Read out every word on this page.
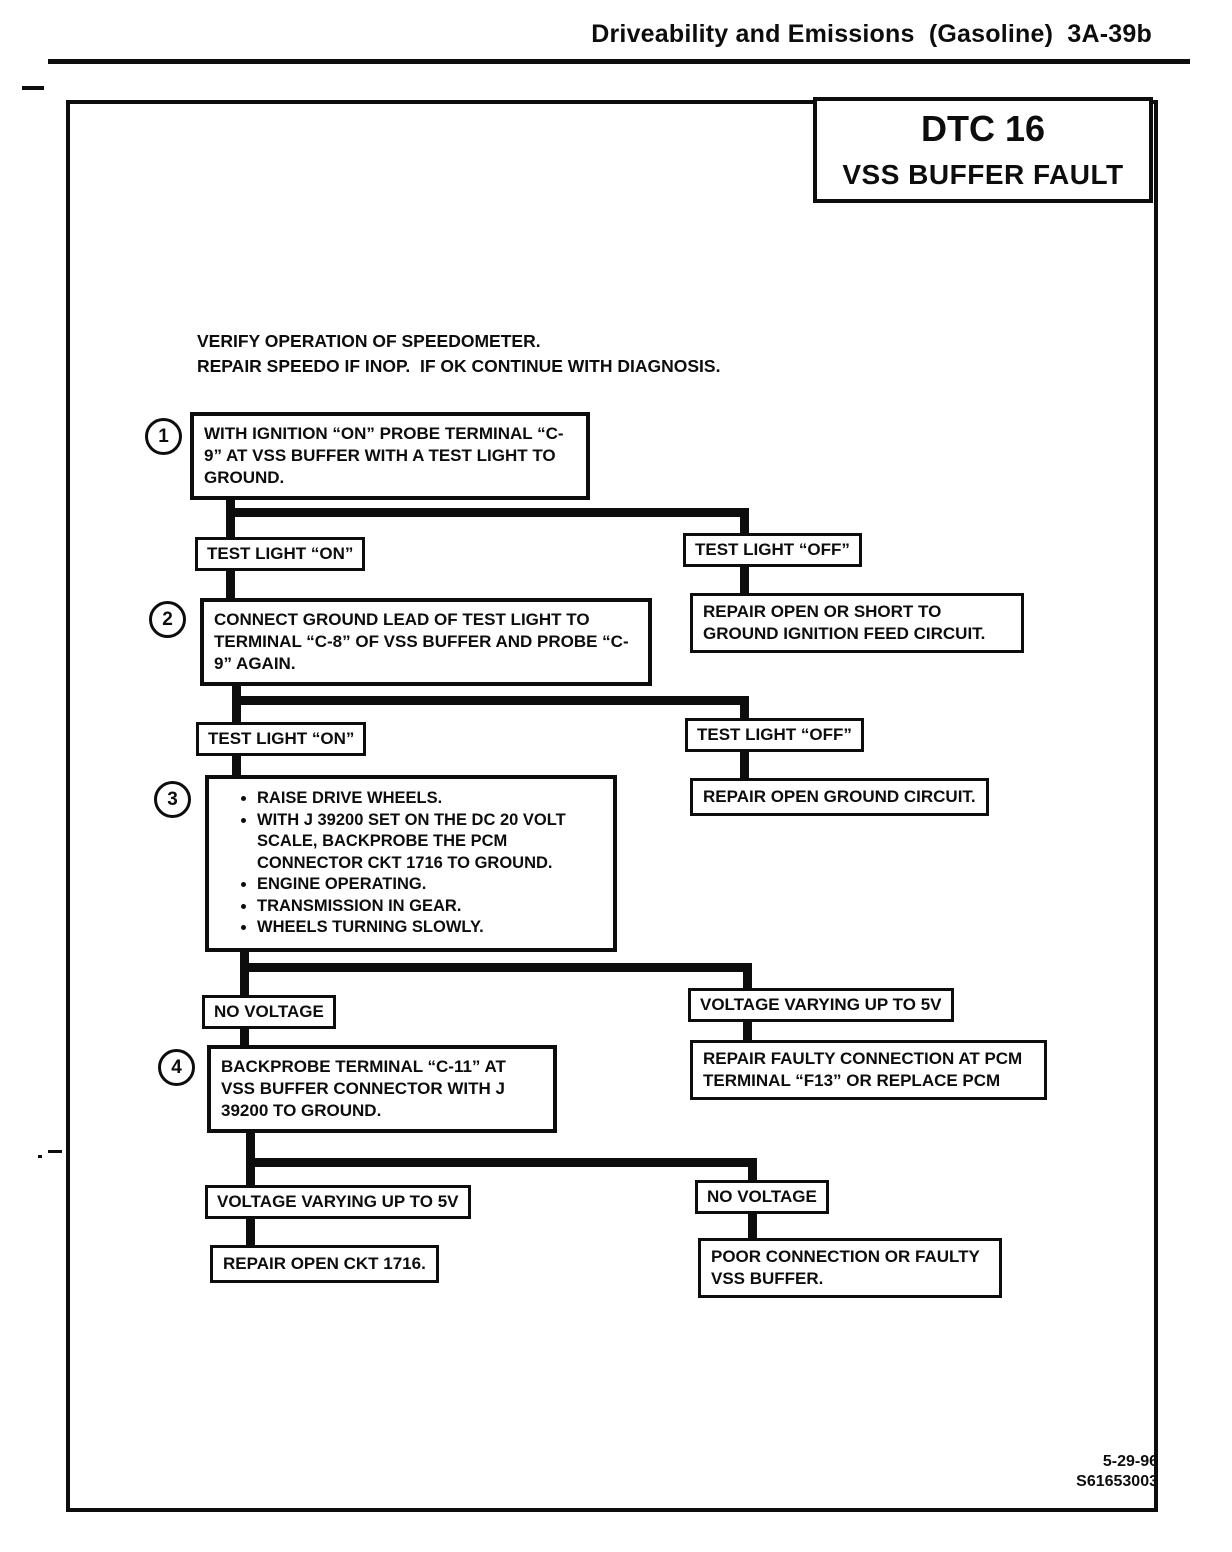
Driveability and Emissions  (Gasoline)  3A-39b
DTC 16
VSS BUFFER FAULT
VERIFY OPERATION OF SPEEDOMETER.
REPAIR SPEEDO IF INOP.  IF OK CONTINUE WITH DIAGNOSIS.
1	WITH IGNITION “ON” PROBE TERMINAL “C-9” AT VSS BUFFER WITH A TEST LIGHT TO GROUND.
TEST LIGHT “ON”	TEST LIGHT “OFF”
REPAIR OPEN OR SHORT TO GROUND IGNITION FEED CIRCUIT.
2	CONNECT GROUND LEAD OF TEST LIGHT TO TERMINAL “C-8” OF VSS BUFFER AND PROBE “C-9” AGAIN.
TEST LIGHT “ON”	TEST LIGHT “OFF”
REPAIR OPEN GROUND CIRCUIT.
3	• RAISE DRIVE WHEELS.
• WITH J 39200 SET ON THE DC 20 VOLT SCALE, BACKPROBE THE PCM CONNECTOR CKT 1716 TO GROUND.
• ENGINE OPERATING.
• TRANSMISSION IN GEAR.
• WHEELS TURNING SLOWLY.
NO VOLTAGE	VOLTAGE VARYING UP TO 5V
REPAIR FAULTY CONNECTION AT PCM TERMINAL “F13” OR REPLACE PCM
4	BACKPROBE TERMINAL “C-11” AT VSS BUFFER CONNECTOR WITH J 39200 TO GROUND.
VOLTAGE VARYING UP TO 5V	NO VOLTAGE
REPAIR OPEN CKT 1716.	POOR CONNECTION OR FAULTY VSS BUFFER.
5-29-96
S61653003
